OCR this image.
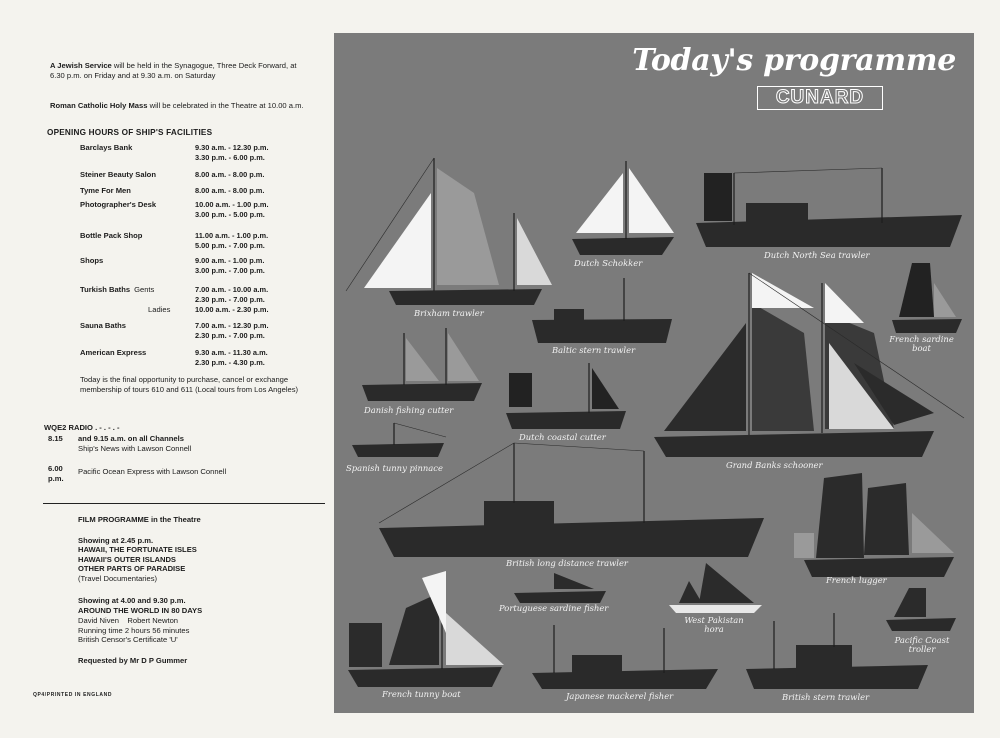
A Jewish Service will be held in the Synagogue, Three Deck Forward, at 6.30 p.m. on Friday and at 9.30 a.m. on Saturday
Roman Catholic Holy Mass will be celebrated in the Theatre at 10.00 a.m.
OPENING HOURS OF SHIP'S FACILITIES
Barclays Bank	9.30 a.m. - 12.30 p.m.
3.30 p.m. - 6.00 p.m.
Steiner Beauty Salon	8.00 a.m. - 8.00 p.m.
Tyme For Men	8.00 a.m. - 8.00 p.m.
Photographer's Desk	10.00 a.m. - 1.00 p.m.
3.00 p.m. - 5.00 p.m.
Bottle Pack Shop	11.00 a.m. - 1.00 p.m.
5.00 p.m. - 7.00 p.m.
Shops	9.00 a.m. - 1.00 p.m.
3.00 p.m. - 7.00 p.m.
Turkish Baths Gents	7.00 a.m. - 10.00 a.m.
2.30 p.m. - 7.00 p.m.
Ladies	10.00 a.m. - 2.30 p.m.
Sauna Baths	7.00 a.m. - 12.30 p.m.
2.30 p.m. - 7.00 p.m.
American Express	9.30 a.m. - 11.30 a.m.
2.30 p.m. - 4.30 p.m.
Today is the final opportunity to purchase, cancel or exchange membership of tours 610 and 611 (Local tours from Los Angeles)
WQE2 RADIO . - . - . -
8.15 and 9.15 a.m. on all Channels
Ship's News with Lawson Connell
6.00
p.m.
Pacific Ocean Express with Lawson Connell
FILM PROGRAMME in the Theatre
Showing at 2.45 p.m.
HAWAII, THE FORTUNATE ISLES
HAWAII'S OUTER ISLANDS
OTHER PARTS OF PARADISE
(Travel Documentaries)
Showing at 4.00 and 9.30 p.m.
AROUND THE WORLD IN 80 DAYS
David Niven    Robert Newton
Running time 2 hours 56 minutes
British Censor's Certificate 'U'
Requested by Mr D P Gummer
QP4/PRINTED IN ENGLAND
Today's programme
CUNARD
Brixham trawler
Dutch Schokker
Dutch North Sea trawler
Baltic stern trawler
French sardine boat
Danish fishing cutter
Dutch coastal cutter
Spanish tunny pinnace	Grand Banks schooner
British long distance trawler
French lugger
Portuguese sardine fisher
West Pakistan hora
Pacific Coast troller
French tunny boat	Japanese mackerel fisher	British stern trawler
